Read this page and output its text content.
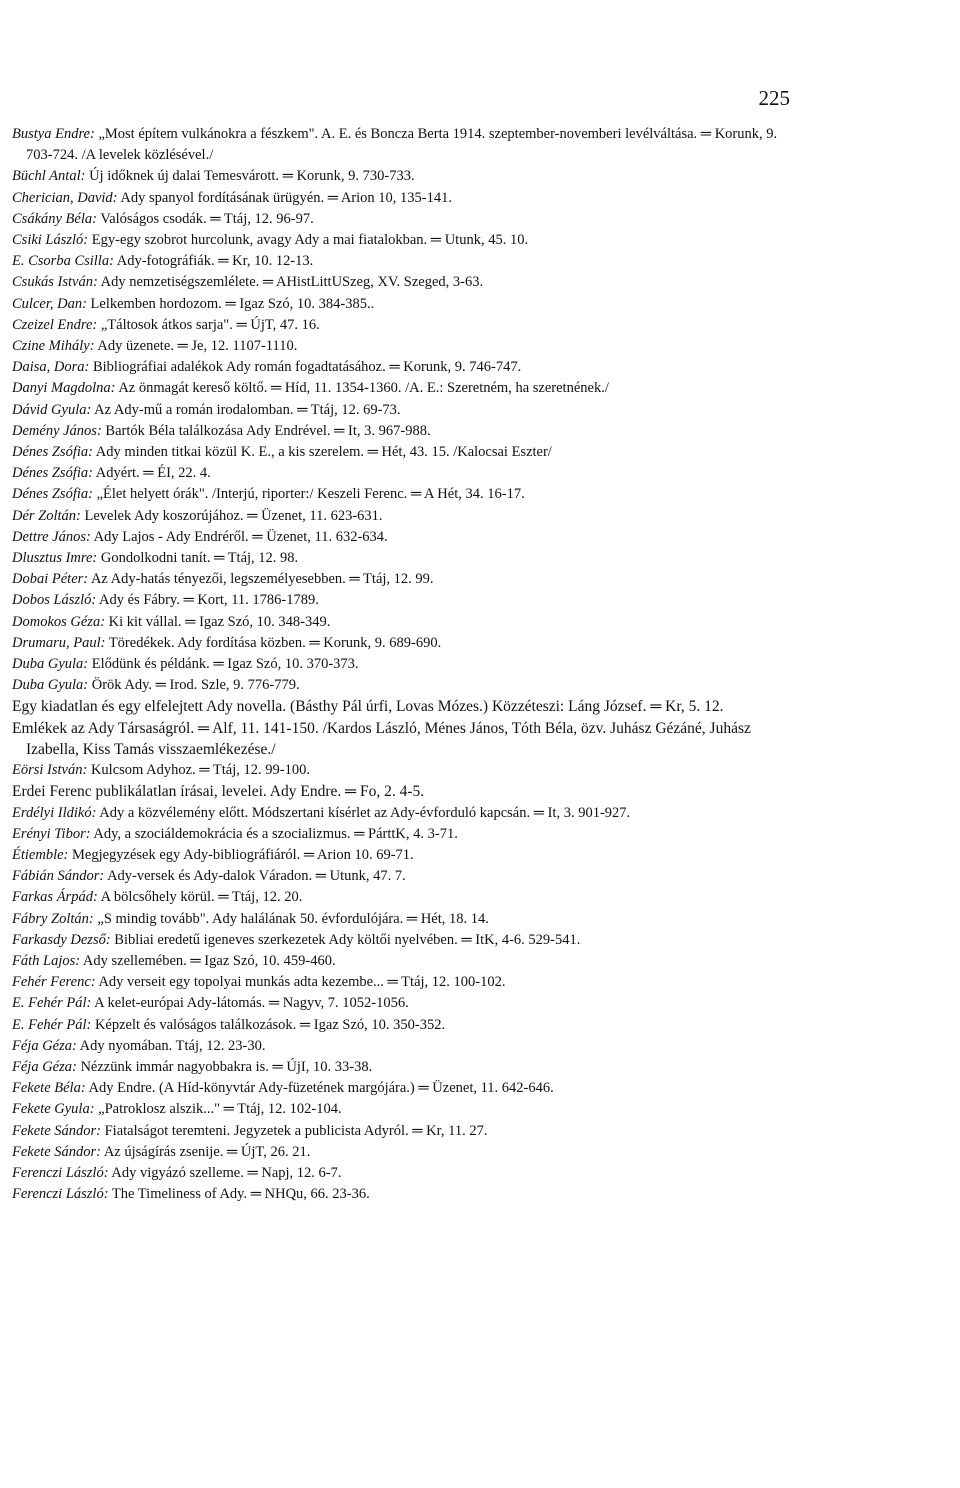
225

Bustya Endre: „Most építem vulkánokra a fészkem". A. E. és Boncza Berta 1914. szeptember-novemberi levélváltása. ═ Korunk, 9. 703-724. /A levelek közlésével./

Büchl Antal: Új időknek új dalai Temesvárott. ═ Korunk, 9. 730-733.

Cherician, David: Ady spanyol fordításának ürügyén. ═ Arion 10, 135-141.

Csákány Béla: Valóságos csodák. ═ Ttáj, 12. 96-97.

Csiki László: Egy-egy szobrot hurcolunk, avagy Ady a mai fiatalokban. ═ Utunk, 45. 10.

E. Csorba Csilla: Ady-fotográfiák. ═ Kr, 10. 12-13.

Csukás István: Ady nemzetiségszemlélete. ═ AHistLittUSzeg, XV. Szeged, 3-63.

Culcer, Dan: Lelkemben hordozom. ═ Igaz Szó, 10. 384-385..

Czeizel Endre: „Táltosok átkos sarja". ═ ÚjT, 47. 16.

Czine Mihály: Ady üzenete. ═ Je, 12. 1107-1110.

Daisa, Dora: Bibliográfiai adalékok Ady román fogadtatásához. ═ Korunk, 9. 746-747.

Danyi Magdolna: Az önmagát kereső költő. ═ Híd, 11. 1354-1360. /A. E.: Szeretném, ha szeretnének./

Dávid Gyula: Az Ady-mű a román irodalomban. ═ Ttáj, 12. 69-73.

Demény János: Bartók Béla találkozása Ady Endrével. ═ It, 3. 967-988.

Dénes Zsófia: Ady minden titkai közül K. E., a kis szerelem. ═ Hét, 43. 15. /Kalocsai Eszter/

Dénes Zsófia: Adyért. ═ ÉI, 22. 4.

Dénes Zsófia: „Élet helyett órák". /Interjú, riporter:/ Keszeli Ferenc. ═ A Hét, 34. 16-17.

Dér Zoltán: Levelek Ady koszorújához. ═ Üzenet, 11. 623-631.

Dettre János: Ady Lajos - Ady Endréről. ═ Üzenet, 11. 632-634.

Dlusztus Imre: Gondolkodni tanít. ═ Ttáj, 12. 98.

Dobai Péter: Az Ady-hatás tényezői, legszemélyesebben. ═ Ttáj, 12. 99.

Dobos László: Ady és Fábry. ═ Kort, 11. 1786-1789.

Domokos Géza: Ki kit vállal. ═ Igaz Szó, 10. 348-349.

Drumaru, Paul: Töredékek. Ady fordítása közben. ═ Korunk, 9. 689-690.

Duba Gyula: Elődünk és példánk. ═ Igaz Szó, 10. 370-373.

Duba Gyula: Örök Ady. ═ Irod. Szle, 9. 776-779.

Egy kiadatlan és egy elfelejtett Ady novella. (Básthy Pál úrfi, Lovas Mózes.) Közzéteszi: Láng József. ═ Kr, 5. 12.

Emlékek az Ady Társaságról. ═ Alf, 11. 141-150. /Kardos László, Ménes János, Tóth Béla, özv. Juhász Gézáné, Juhász Izabella, Kiss Tamás visszaemlékezése./

Eörsi István: Kulcsom Adyhoz. ═ Ttáj, 12. 99-100.

Erdei Ferenc publikálatlan írásai, levelei. Ady Endre. ═ Fo, 2. 4-5.

Erdélyi Ildikó: Ady a közvélemény előtt. Módszertani kísérlet az Ady-évforduló kapcsán. ═ It, 3. 901-927.

Erényi Tibor: Ady, a szociáldemokrácia és a szocializmus. ═ PárttK, 4. 3-71.

Étiemble: Megjegyzések egy Ady-bibliográfiáról. ═ Arion 10. 69-71.

Fábián Sándor: Ady-versek és Ady-dalok Váradon. ═ Utunk, 47. 7.

Farkas Árpád: A bölcsőhely körül. ═ Ttáj, 12. 20.

Fábry Zoltán: „S mindig tovább". Ady halálának 50. évfordulójára. ═ Hét, 18. 14.

Farkasdy Dezső: Bibliai eredetű igeneves szerkezetek Ady költői nyelvében. ═ ItK, 4-6. 529-541.

Fáth Lajos: Ady szellemében. ═ Igaz Szó, 10. 459-460.

Fehér Ferenc: Ady verseit egy topolyai munkás adta kezembe... ═ Ttáj, 12. 100-102.

E. Fehér Pál: A kelet-európai Ady-látomás. ═ Nagyv, 7. 1052-1056.

E. Fehér Pál: Képzelt és valóságos találkozások. ═ Igaz Szó, 10. 350-352.

Féja Géza: Ady nyomában. Ttáj, 12. 23-30.

Féja Géza: Nézzünk immár nagyobbakra is. ═ ÚjI, 10. 33-38.

Fekete Béla: Ady Endre. (A Híd-könyvtár Ady-füzetének margójára.) ═ Üzenet, 11. 642-646.

Fekete Gyula: „Patroklosz alszik..." ═ Ttáj, 12. 102-104.

Fekete Sándor: Fiatalságot teremteni. Jegyzetek a publicista Adyról. ═ Kr, 11. 27.

Fekete Sándor: Az újságírás zsenije. ═ ÚjT, 26. 21.

Ferenczi László: Ady vigyázó szelleme. ═ Napj, 12. 6-7.

Ferenczi László: The Timeliness of Ady. ═ NHQu, 66. 23-36.
